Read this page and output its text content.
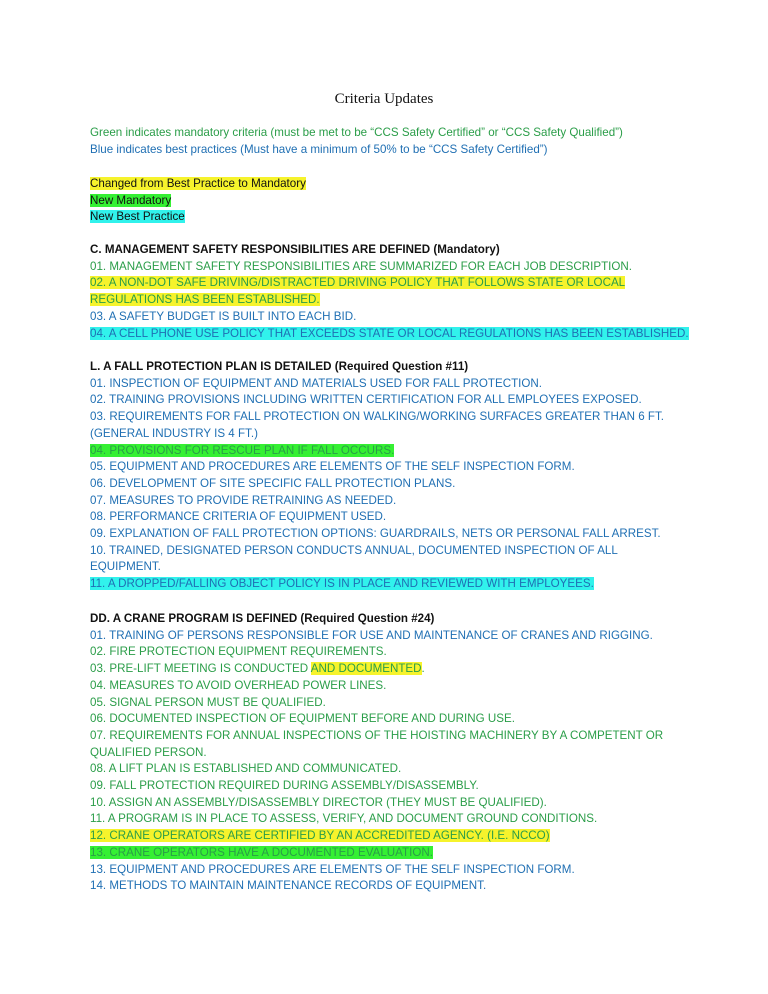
Criteria Updates
Green indicates mandatory criteria (must be met to be “CCS Safety Certified” or “CCS Safety Qualified”)
Blue indicates best practices (Must have a minimum of 50% to be “CCS Safety Certified”)
Changed from Best Practice to Mandatory
New Mandatory
New Best Practice
C. MANAGEMENT SAFETY RESPONSIBILITIES ARE DEFINED (Mandatory)
01. MANAGEMENT SAFETY RESPONSIBILITIES ARE SUMMARIZED FOR EACH JOB DESCRIPTION.
02. A NON-DOT SAFE DRIVING/DISTRACTED DRIVING POLICY THAT FOLLOWS STATE OR LOCAL
REGULATIONS HAS BEEN ESTABLISHED.
03. A SAFETY BUDGET IS BUILT INTO EACH BID.
04. A CELL PHONE USE POLICY THAT EXCEEDS STATE OR LOCAL REGULATIONS HAS BEEN ESTABLISHED.
L. A FALL PROTECTION PLAN IS DETAILED (Required Question #11)
01. INSPECTION OF EQUIPMENT AND MATERIALS USED FOR FALL PROTECTION.
02. TRAINING PROVISIONS INCLUDING WRITTEN CERTIFICATION FOR ALL EMPLOYEES EXPOSED.
03. REQUIREMENTS FOR FALL PROTECTION ON WALKING/WORKING SURFACES GREATER THAN 6 FT.
(GENERAL INDUSTRY IS 4 FT.)
04. PROVISIONS FOR RESCUE PLAN IF FALL OCCURS.
05. EQUIPMENT AND PROCEDURES ARE ELEMENTS OF THE SELF INSPECTION FORM.
06. DEVELOPMENT OF SITE SPECIFIC FALL PROTECTION PLANS.
07. MEASURES TO PROVIDE RETRAINING AS NEEDED.
08. PERFORMANCE CRITERIA OF EQUIPMENT USED.
09. EXPLANATION OF FALL PROTECTION OPTIONS: GUARDRAILS, NETS OR PERSONAL FALL ARREST.
10. TRAINED, DESIGNATED PERSON CONDUCTS ANNUAL, DOCUMENTED INSPECTION OF ALL
EQUIPMENT.
11. A DROPPED/FALLING OBJECT POLICY IS IN PLACE AND REVIEWED WITH EMPLOYEES.
DD. A CRANE PROGRAM IS DEFINED (Required Question #24)
01. TRAINING OF PERSONS RESPONSIBLE FOR USE AND MAINTENANCE OF CRANES AND RIGGING.
02. FIRE PROTECTION EQUIPMENT REQUIREMENTS.
03. PRE-LIFT MEETING IS CONDUCTED AND DOCUMENTED.
04. MEASURES TO AVOID OVERHEAD POWER LINES.
05. SIGNAL PERSON MUST BE QUALIFIED.
06. DOCUMENTED INSPECTION OF EQUIPMENT BEFORE AND DURING USE.
07. REQUIREMENTS FOR ANNUAL INSPECTIONS OF THE HOISTING MACHINERY BY A COMPETENT OR
QUALIFIED PERSON.
08. A LIFT PLAN IS ESTABLISHED AND COMMUNICATED.
09. FALL PROTECTION REQUIRED DURING ASSEMBLY/DISASSEMBLY.
10. ASSIGN AN ASSEMBLY/DISASSEMBLY DIRECTOR (THEY MUST BE QUALIFIED).
11. A PROGRAM IS IN PLACE TO ASSESS, VERIFY, AND DOCUMENT GROUND CONDITIONS.
12. CRANE OPERATORS ARE CERTIFIED BY AN ACCREDITED AGENCY. (I.E. NCCO)
13. CRANE OPERATORS HAVE A DOCUMENTED EVALUATION.
13. EQUIPMENT AND PROCEDURES ARE ELEMENTS OF THE SELF INSPECTION FORM.
14. METHODS TO MAINTAIN MAINTENANCE RECORDS OF EQUIPMENT.
